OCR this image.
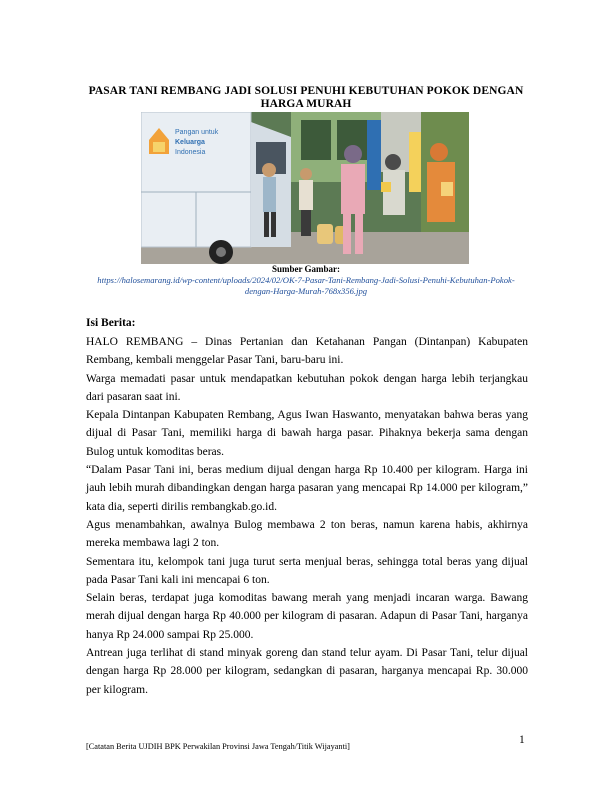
PASAR TANI REMBANG JADI SOLUSI PENUHI KEBUTUHAN POKOK DENGAN HARGA MURAH
Pangan untuk
Keluarga
Indonesia
Sumber Gambar:
https://halosemarang.id/wp-content/uploads/2024/02/OK-7-Pasar-Tani-Rembang-Jadi-Solusi-Penuhi-Kebutuhan-Pokok-dengan-Harga-Murah-768x356.jpg
Isi Berita:

HALO REMBANG – Dinas Pertanian dan Ketahanan Pangan (Dintanpan) Kabupaten Rembang, kembali menggelar Pasar Tani, baru-baru ini.

Warga memadati pasar untuk mendapatkan kebutuhan pokok dengan harga lebih terjangkau dari pasaran saat ini.

Kepala Dintanpan Kabupaten Rembang, Agus Iwan Haswanto, menyatakan bahwa beras yang dijual di Pasar Tani, memiliki harga di bawah harga pasar. Pihaknya bekerja sama dengan Bulog untuk komoditas beras.

“Dalam Pasar Tani ini, beras medium dijual dengan harga Rp 10.400 per kilogram. Harga ini jauh lebih murah dibandingkan dengan harga pasaran yang mencapai Rp 14.000 per kilogram,” kata dia, seperti dirilis rembangkab.go.id.

Agus menambahkan, awalnya Bulog membawa 2 ton beras, namun karena habis, akhirnya mereka membawa lagi 2 ton.

Sementara itu, kelompok tani juga turut serta menjual beras, sehingga total beras yang dijual pada Pasar Tani kali ini mencapai 6 ton.

Selain beras, terdapat juga komoditas bawang merah yang menjadi incaran warga. Bawang merah dijual dengan harga Rp 40.000 per kilogram di pasaran. Adapun di Pasar Tani, harganya hanya Rp 24.000 sampai Rp 25.000.

Antrean juga terlihat di stand minyak goreng dan stand telur ayam. Di Pasar Tani, telur dijual dengan harga Rp 28.000 per kilogram, sedangkan di pasaran, harganya mencapai Rp. 30.000 per kilogram.

1
[Catatan Berita UJDIH BPK Perwakilan Provinsi Jawa Tengah/Titik Wijayanti]
